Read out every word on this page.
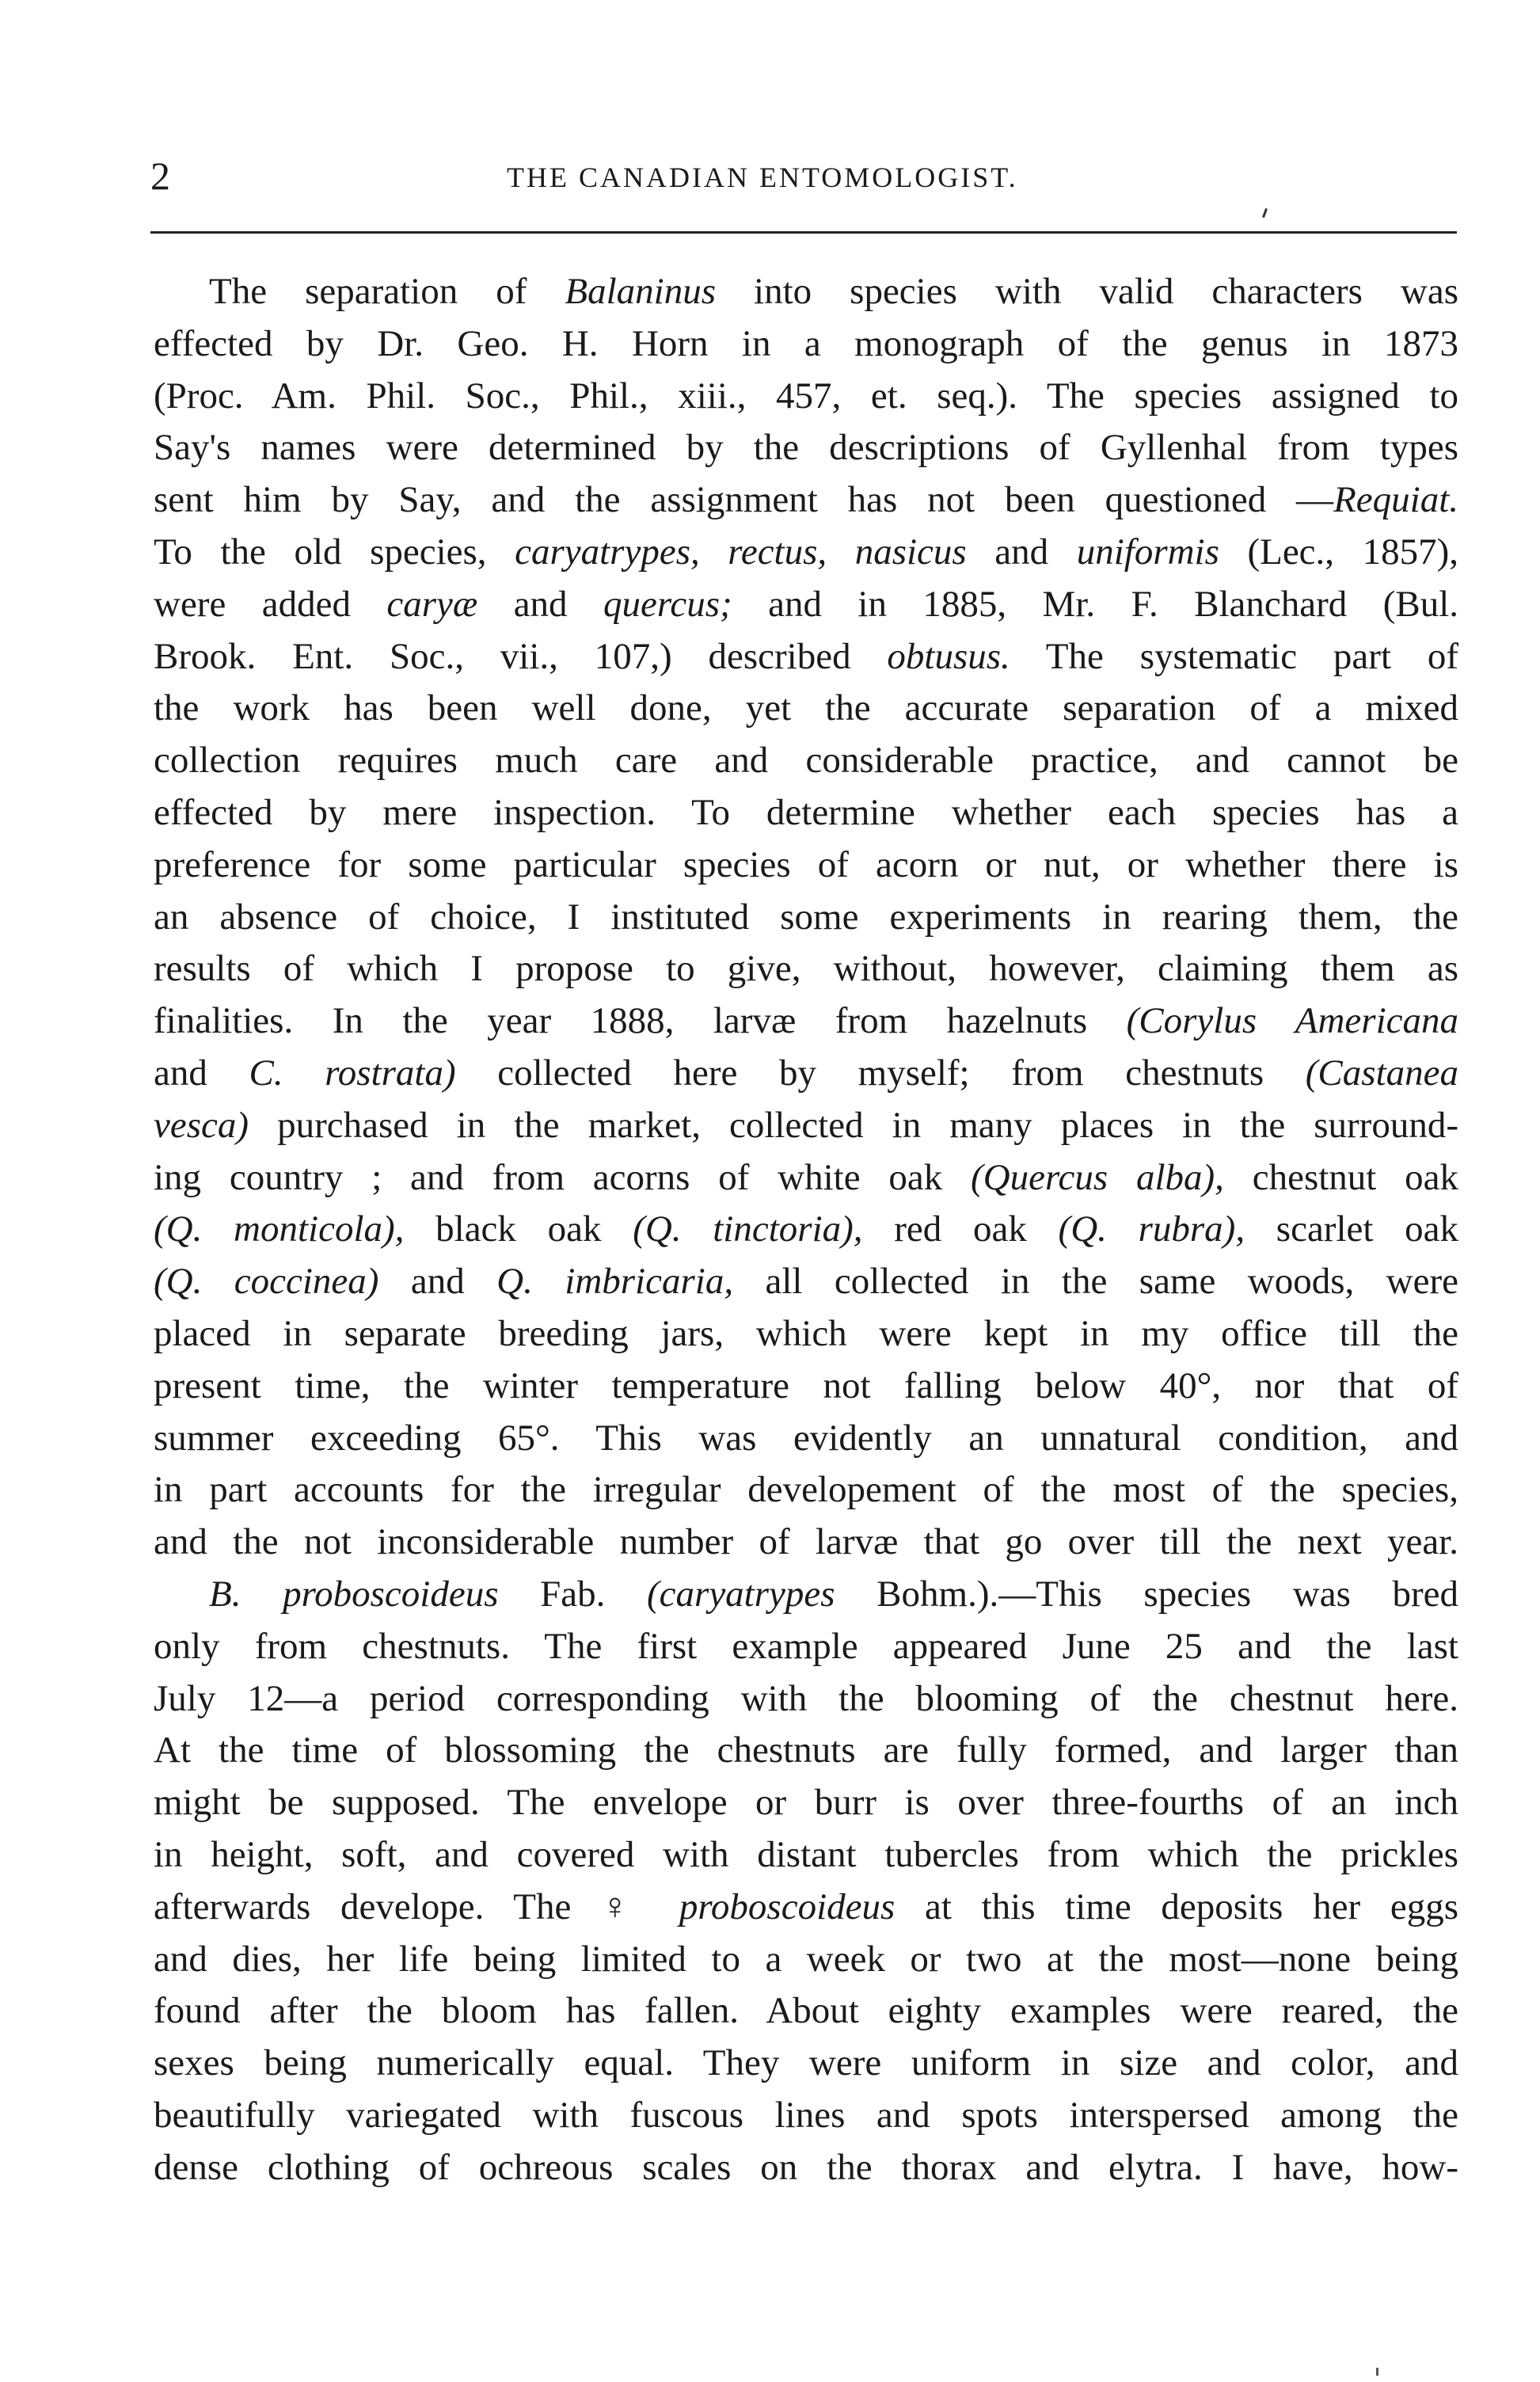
2	THE CANADIAN ENTOMOLOGIST.
The separation of Balaninus into species with valid characters was
effected by Dr. Geo. H. Horn in a monograph of the genus in 1873
(Proc. Am. Phil. Soc., Phil., xiii., 457, et. seq.). The species assigned to
Say's names were determined by the descriptions of Gyllenhal from types
sent him by Say, and the assignment has not been questioned —Requiat.
To the old species, caryatrypes, rectus, nasicus and uniformis (Lec., 1857),
were added caryæ and quercus; and in 1885, Mr. F. Blanchard (Bul.
Brook. Ent. Soc., vii., 107,) described obtusus. The systematic part of
the work has been well done, yet the accurate separation of a mixed
collection requires much care and considerable practice, and cannot be
effected by mere inspection. To determine whether each species has a
preference for some particular species of acorn or nut, or whether there is
an absence of choice, I instituted some experiments in rearing them, the
results of which I propose to give, without, however, claiming them as
finalities. In the year 1888, larvæ from hazelnuts (Corylus Americana
and C. rostrata) collected here by myself; from chestnuts (Castanea
vesca) purchased in the market, collected in many places in the surround-
ing country ; and from acorns of white oak (Quercus alba), chestnut oak
(Q. monticola), black oak (Q. tinctoria), red oak (Q. rubra), scarlet oak
(Q. coccinea) and Q. imbricaria, all collected in the same woods, were
placed in separate breeding jars, which were kept in my office till the
present time, the winter temperature not falling below 40°, nor that of
summer exceeding 65°. This was evidently an unnatural condition, and
in part accounts for the irregular developement of the most of the species,
and the not inconsiderable number of larvæ that go over till the next year.
B. proboscoideus Fab. (caryatrypes Bohm.).—This species was bred
only from chestnuts. The first example appeared June 25 and the last
July 12—a period corresponding with the blooming of the chestnut here.
At the time of blossoming the chestnuts are fully formed, and larger than
might be supposed. The envelope or burr is over three-fourths of an inch
in height, soft, and covered with distant tubercles from which the prickles
afterwards develope. The ♀ proboscoideus at this time deposits her eggs
and dies, her life being limited to a week or two at the most—none being
found after the bloom has fallen. About eighty examples were reared, the
sexes being numerically equal. They were uniform in size and color, and
beautifully variegated with fuscous lines and spots interspersed among the
dense clothing of ochreous scales on the thorax and elytra. I have, how-
